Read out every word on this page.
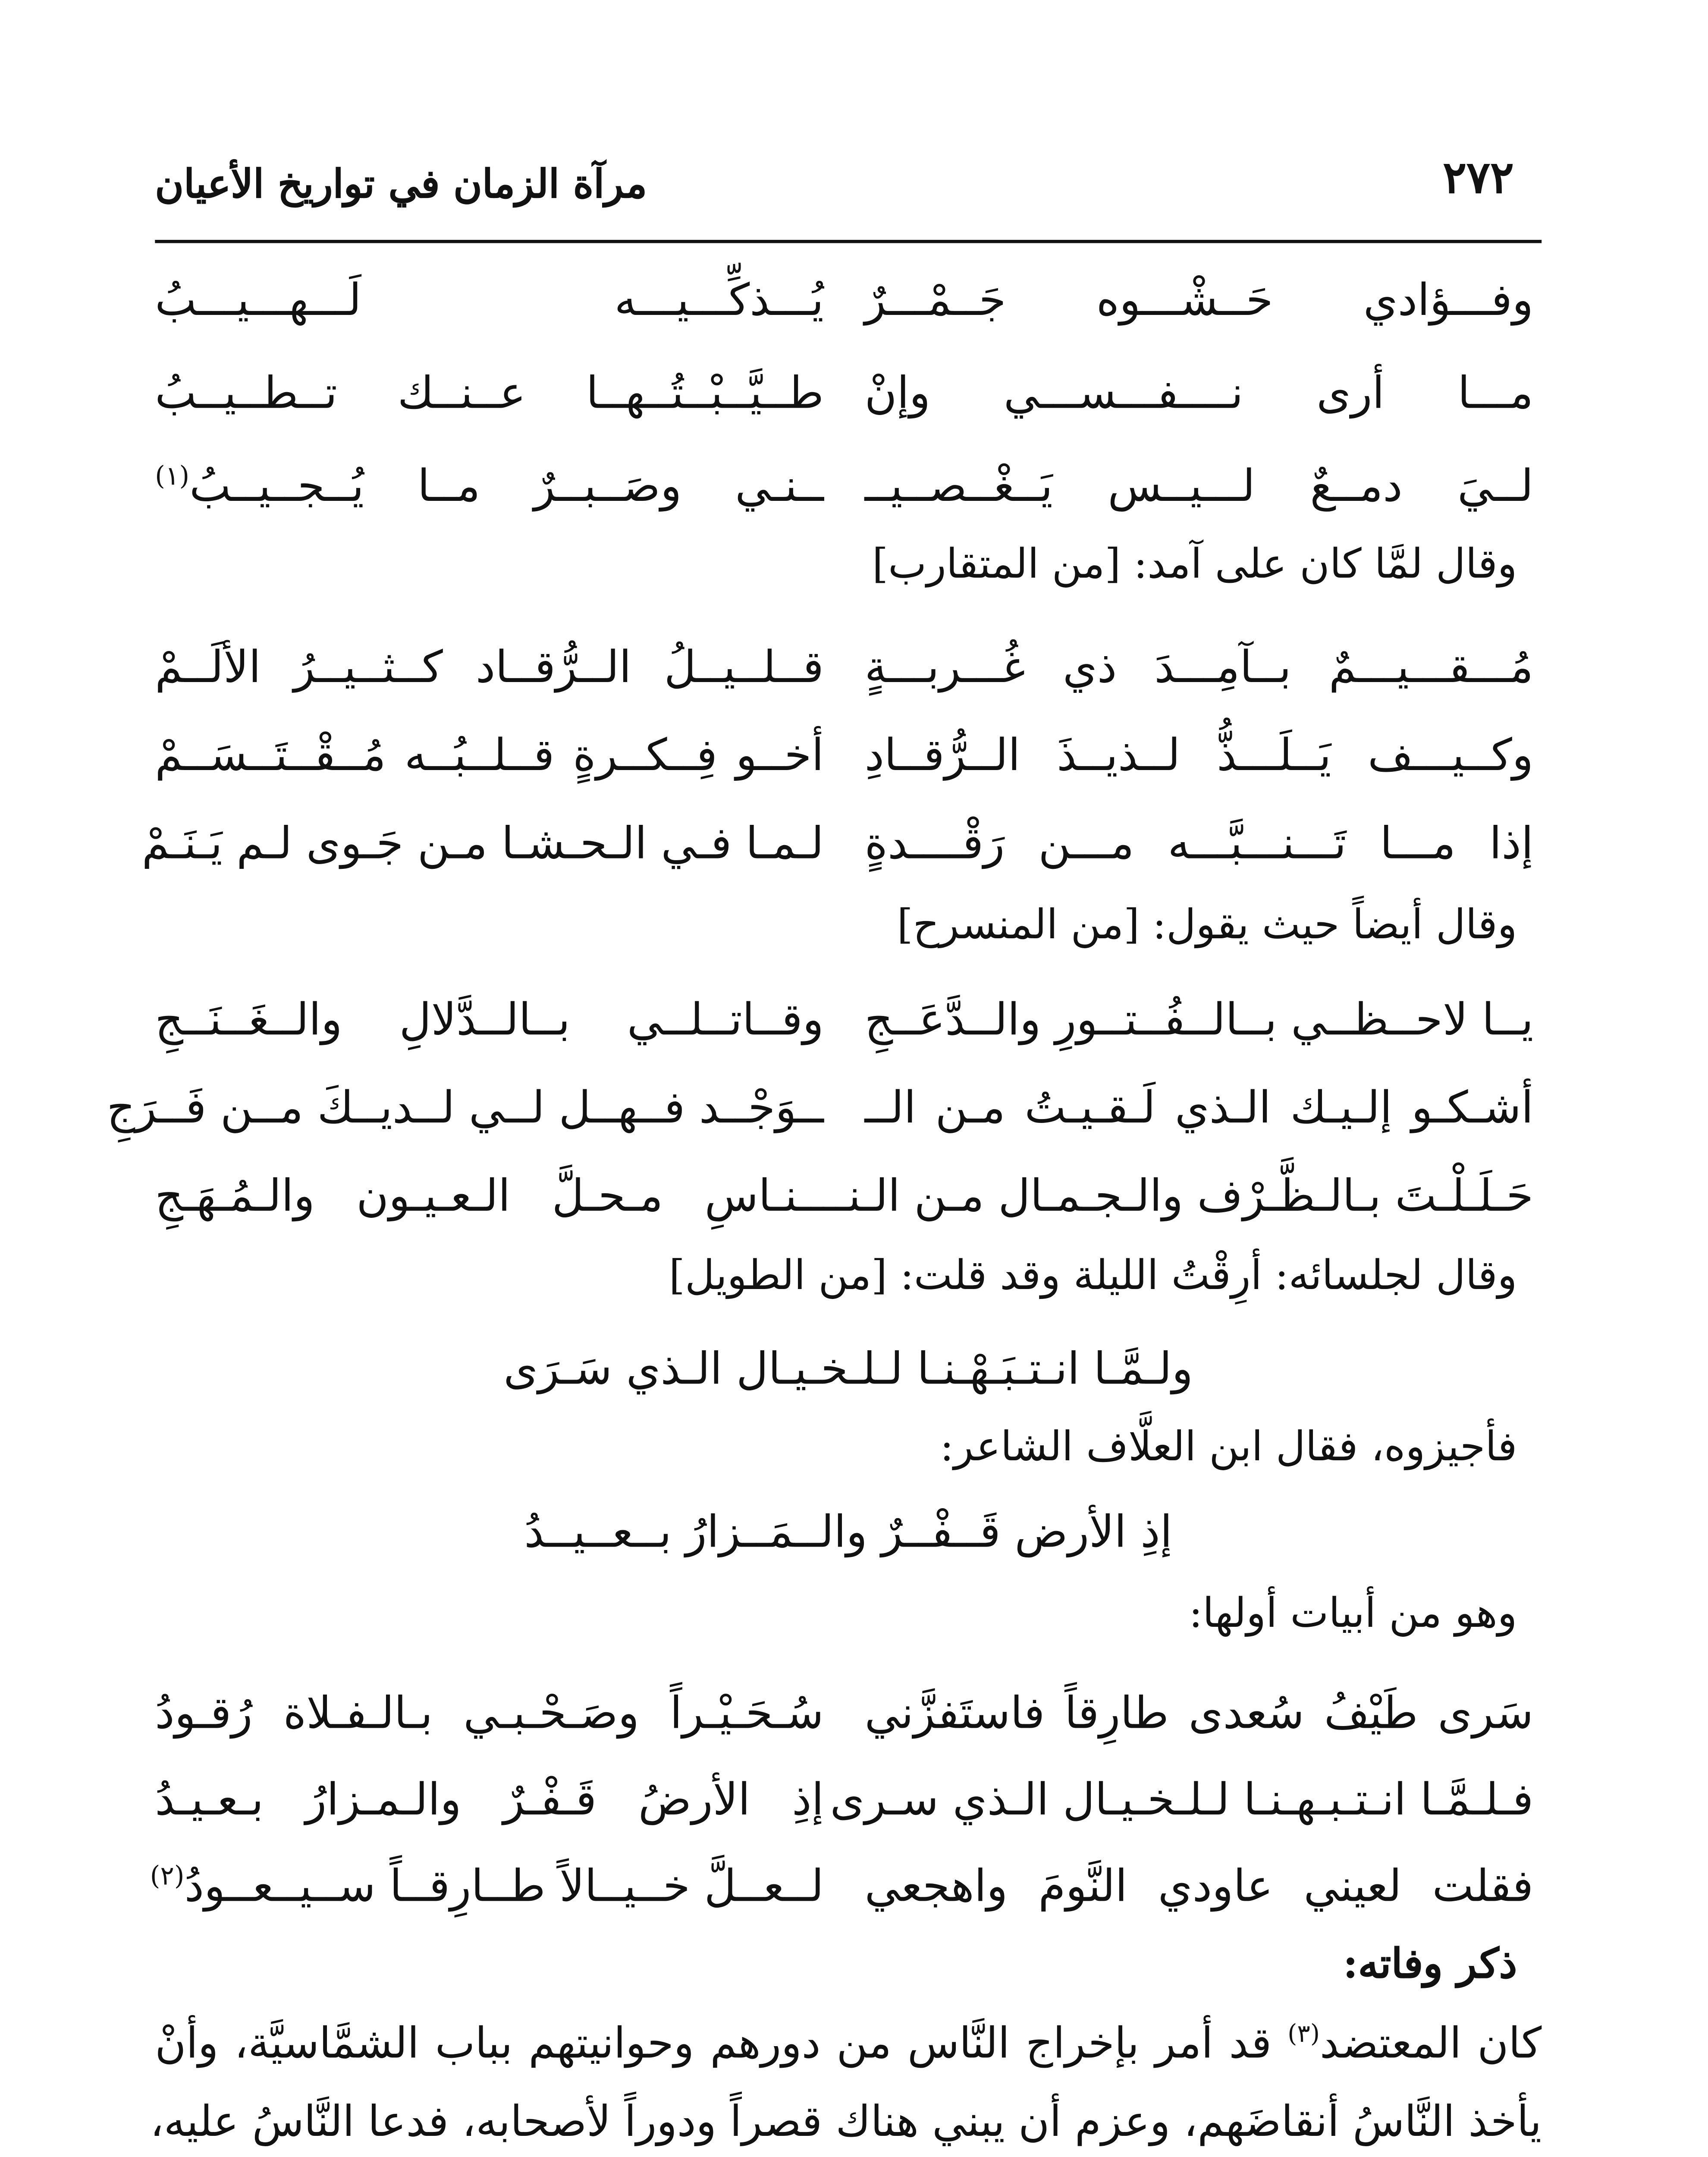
٢٧٢
مرآة الزمان في تواريخ الأعيان
وفـــؤادي حَــشْـــوه جَــمْـــرٌ
يُـــذكِّـــيـــه لَـــهـــيـــبُ
مـــا أرى نــــفـــســـي وإنْ
طــيَّــبْــتُــهــا عــنــك تــطــيــبُ
لــيَ دمــعٌ لـــيــس يَــغْــصــيــ
ــنـي وصَــبــرٌ مــا يُــجــيــبُ$^{(١)}$
وقال لمَّا كان على آمد: [من المتقارب]
مُـــقـــيـــمٌ بــآمِـــدَ ذي غُـــربـــةٍ
قــلــيــلُ الــرُّقــاد كــثــيــرُ الألَــمْ
وكــيـــف يَــلَـــذُّ لــذيــذَ الــرُّقــادِ
أخــو فِــكــرةٍ قــلــبُــه مُــقْــتَــسَــمْ
إذا مـــا تَـــنـــبَّـــه مـــن رَقْــــدةٍ
لـمـا فـي الـحـشـا مـن جَـوى لـم يَـنَـمْ
وقال أيضاً حيث يقول: [من المنسرح]
يــا لاحــظــي بــالــفُــتــورِ والــدَّعَــجِ
وقــاتــلــي بــالــدَّلالِ والــغَــنَــجِ
أشـكـو إلـيـك الـذي لَـقـيـتُ مـن الــ
ــوَجْــد فــهــل لــي لــديــكَ مــن فَــرَجِ
حَـلَـلْـتَ بـالـظَّـرْف والـجـمـال مـن الـنــ
ــنـاسِ مـحـلَّ الـعـيـون والـمُـهَـجِ
وقال لجلسائه: أرِقْتُ الليلة وقد قلت: [من الطويل]
ولـمَّـا انـتـبَـهْـنـا لـلـخـيـال الـذي سَـرَى
فأجيزوه، فقال ابن العلَّاف الشاعر:
إذِ الأرض قَــفْــرٌ والــمَــزارُ بــعــيــدُ
وهو من أبيات أولها:
سَرى طَيْفُ سُعدى طارِقاً فاستَفزَّني
سُـحَـيْـراً وصَـحْـبـي بـالـفـلاة رُقـودُ
فـلـمَّـا انـتـبـهـنـا لـلـخـيـال الـذي سـرى
إذِ الأرضُ قَـفْـرٌ والـمـزارُ بـعـيـدُ
فقلت لعيني عاودي النَّومَ واهجعي
لــعــلَّ خــيــالاً طــارِقــاً ســيــعــودُ$^{(٢)}$
ذكر وفاته:
كان المعتضد$^{(٣)}$ قد أمر بإخراج النَّاس من دورهم وحوانيتهم بباب الشمَّاسيَّة، وأنْ
يأخذ النَّاسُ أنقاضَهم، وعزم أن يبني هناك قصراً ودوراً لأصحابه، فدعا النَّاسُ عليه،
